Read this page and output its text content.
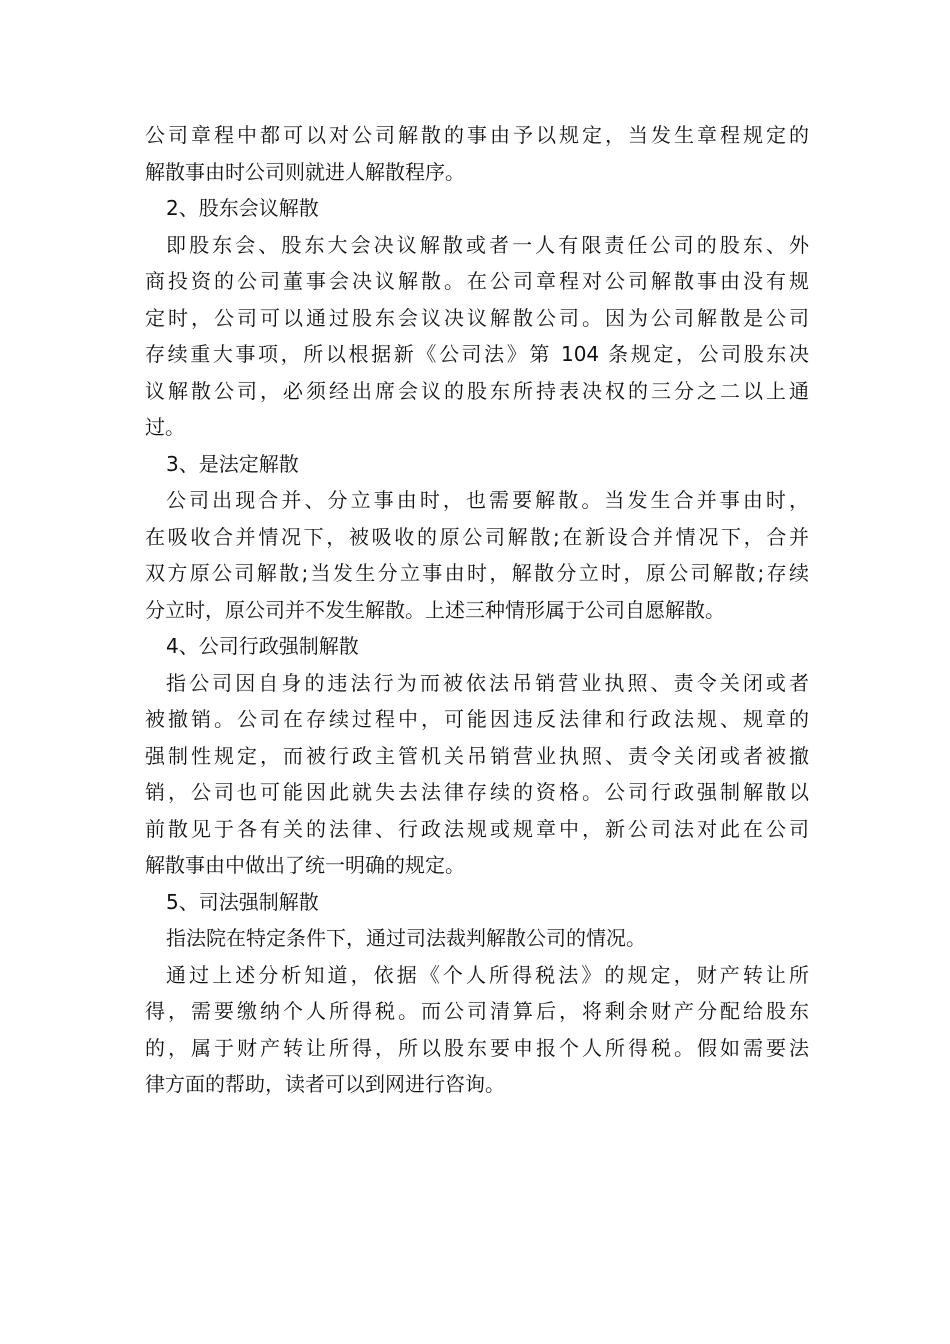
公司章程中都可以对公司解散的事由予以规定，当发生章程规定的
解散事由时公司则就进人解散程序。
2、股东会议解散
即股东会、股东大会决议解散或者一人有限责任公司的股东、外
商投资的公司董事会决议解散。在公司章程对公司解散事由没有规
定时，公司可以通过股东会议决议解散公司。因为公司解散是公司
存续重大事项，所以根据新《公司法》第 104 条规定，公司股东决
议解散公司，必须经出席会议的股东所持表决权的三分之二以上通
过。
3、是法定解散
公司出现合并、分立事由时，也需要解散。当发生合并事由时，
在吸收合并情况下，被吸收的原公司解散;在新设合并情况下，合并
双方原公司解散;当发生分立事由时，解散分立时，原公司解散;存续
分立时，原公司并不发生解散。上述三种情形属于公司自愿解散。
4、公司行政强制解散
指公司因自身的违法行为而被依法吊销营业执照、责令关闭或者
被撤销。公司在存续过程中，可能因违反法律和行政法规、规章的
强制性规定，而被行政主管机关吊销营业执照、责令关闭或者被撤
销，公司也可能因此就失去法律存续的资格。公司行政强制解散以
前散见于各有关的法律、行政法规或规章中，新公司法对此在公司
解散事由中做出了统一明确的规定。
5、司法强制解散
指法院在特定条件下，通过司法裁判解散公司的情况。
通过上述分析知道，依据《个人所得税法》的规定，财产转让所
得，需要缴纳个人所得税。而公司清算后，将剩余财产分配给股东
的，属于财产转让所得，所以股东要申报个人所得税。假如需要法
律方面的帮助，读者可以到网进行咨询。
